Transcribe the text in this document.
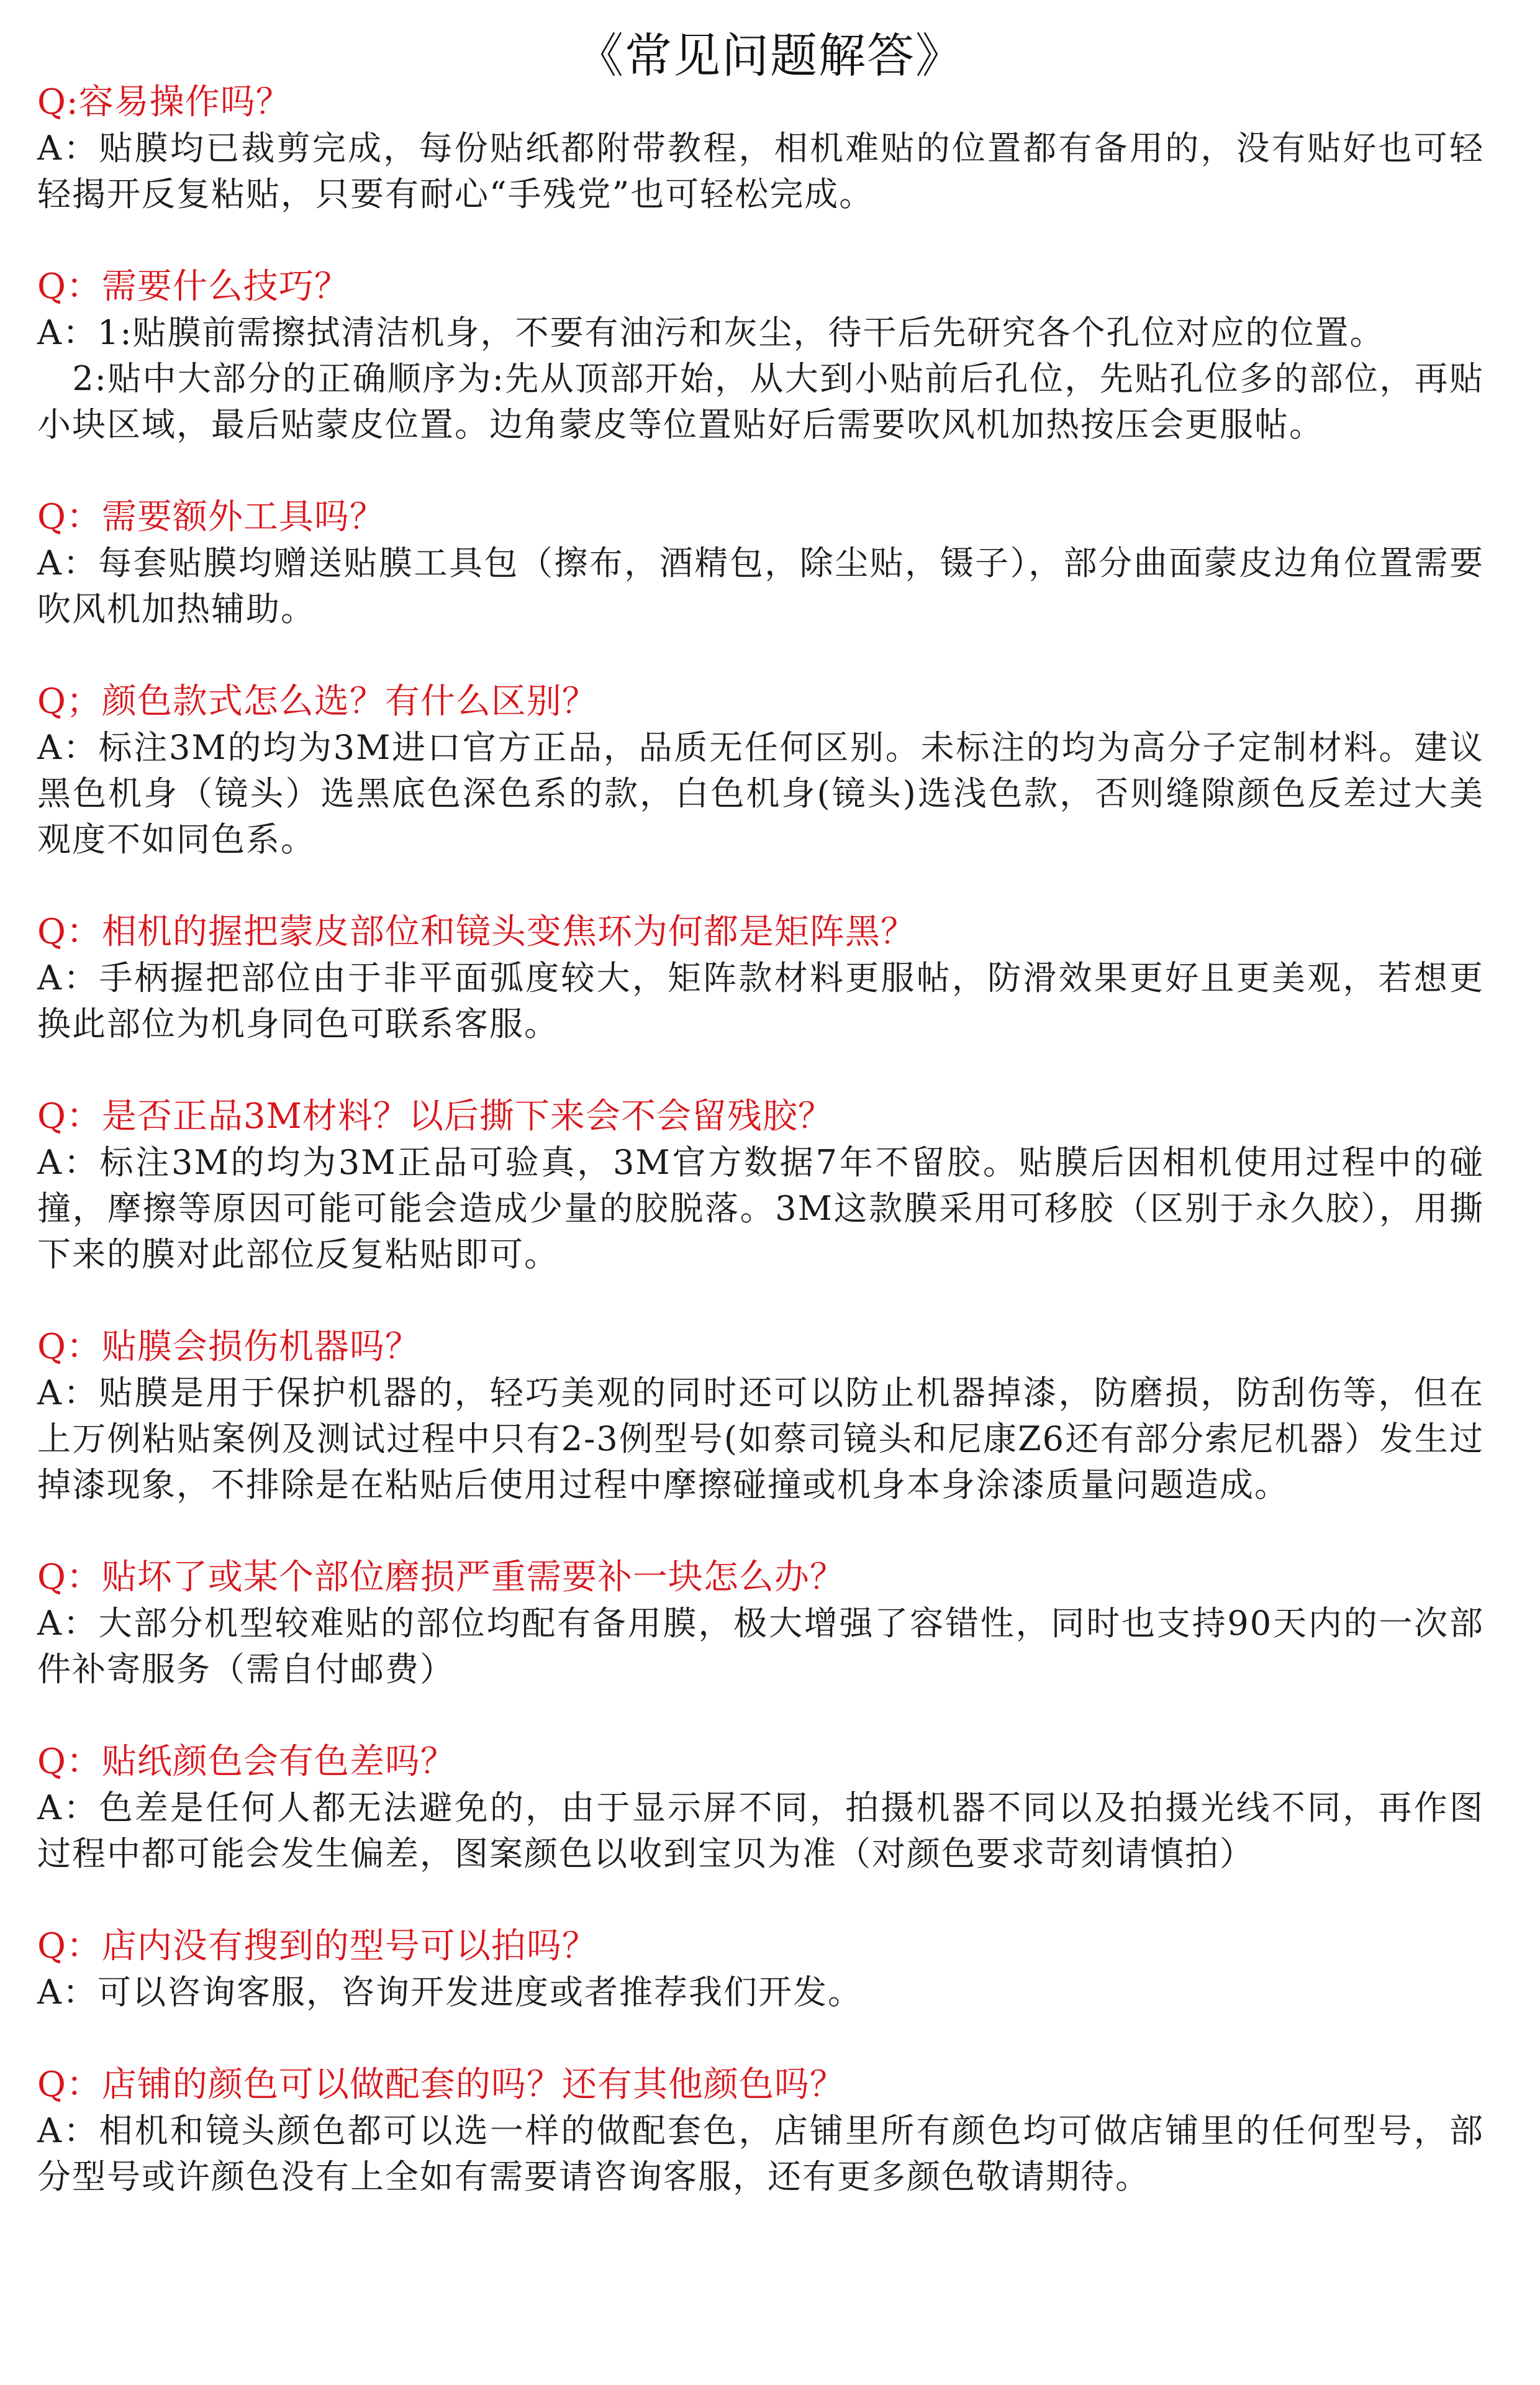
《常见问题解答》
Q:容易操作吗？

A：贴膜均已裁剪完成，每份贴纸都附带教程，相机难贴的位置都有备用的，没有贴好也可轻轻揭开反复粘贴，只要有耐心“手残党”也可轻松完成。

Q：需要什么技巧？

A：1:贴膜前需擦拭清洁机身，不要有油污和灰尘，待干后先研究各个孔位对应的位置。

　2:贴中大部分的正确顺序为:先从顶部开始，从大到小贴前后孔位，先贴孔位多的部位，再贴小块区域，最后贴蒙皮位置。边角蒙皮等位置贴好后需要吹风机加热按压会更服帖。

Q：需要额外工具吗？

A：每套贴膜均赠送贴膜工具包（擦布，酒精包，除尘贴，镊子），部分曲面蒙皮边角位置需要吹风机加热辅助。

Q；颜色款式怎么选？有什么区别？

A：标注3M的均为3M进口官方正品，品质无任何区别。未标注的均为高分子定制材料。建议黑色机身（镜头）选黑底色深色系的款，白色机身(镜头)选浅色款，否则缝隙颜色反差过大美观度不如同色系。

Q：相机的握把蒙皮部位和镜头变焦环为何都是矩阵黑？

A：手柄握把部位由于非平面弧度较大，矩阵款材料更服帖，防滑效果更好且更美观，若想更换此部位为机身同色可联系客服。

Q：是否正品3M材料？以后撕下来会不会留残胶？

A：标注3M的均为3M正品可验真，3M官方数据7年不留胶。贴膜后因相机使用过程中的碰撞，摩擦等原因可能可能会造成少量的胶脱落。3M这款膜采用可移胶（区别于永久胶），用撕下来的膜对此部位反复粘贴即可。

Q：贴膜会损伤机器吗？

A：贴膜是用于保护机器的，轻巧美观的同时还可以防止机器掉漆，防磨损，防刮伤等，但在上万例粘贴案例及测试过程中只有2-3例型号(如蔡司镜头和尼康Z6还有部分索尼机器）发生过掉漆现象，不排除是在粘贴后使用过程中摩擦碰撞或机身本身涂漆质量问题造成。

Q：贴坏了或某个部位磨损严重需要补一块怎么办？

A：大部分机型较难贴的部位均配有备用膜，极大增强了容错性，同时也支持90天内的一次部件补寄服务（需自付邮费）

Q：贴纸颜色会有色差吗？

A：色差是任何人都无法避免的，由于显示屏不同，拍摄机器不同以及拍摄光线不同，再作图过程中都可能会发生偏差，图案颜色以收到宝贝为准（对颜色要求苛刻请慎拍）

Q：店内没有搜到的型号可以拍吗？

A：可以咨询客服，咨询开发进度或者推荐我们开发。

Q：店铺的颜色可以做配套的吗？还有其他颜色吗？

A：相机和镜头颜色都可以选一样的做配套色，店铺里所有颜色均可做店铺里的任何型号，部分型号或许颜色没有上全如有需要请咨询客服，还有更多颜色敬请期待。
